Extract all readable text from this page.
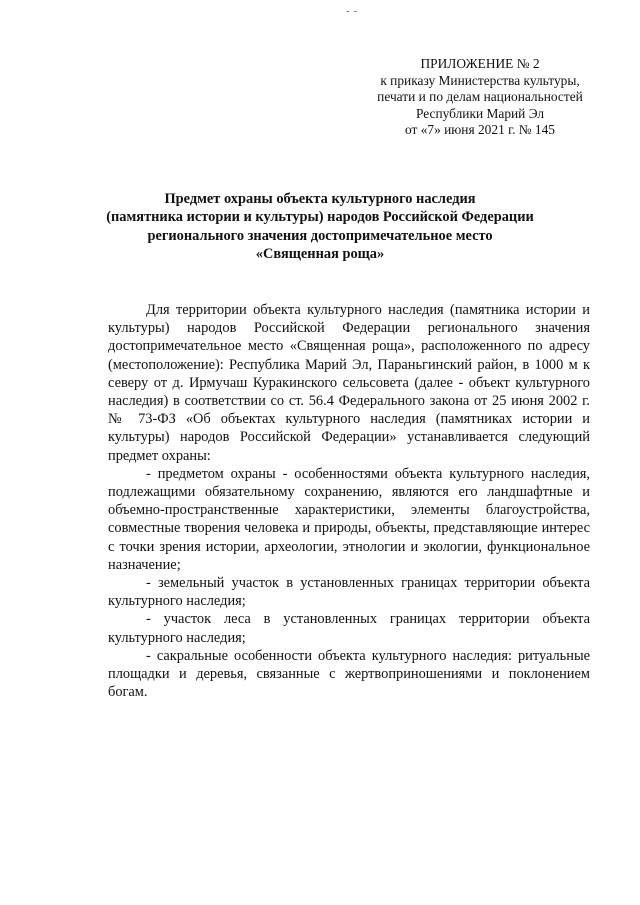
- -
ПРИЛОЖЕНИЕ № 2
к приказу Министерства культуры,
печати и по делам национальностей
Республики Марий Эл
от «7» июня 2021 г. № 145
Предмет охраны объекта культурного наследия
(памятника истории и культуры) народов Российской Федерации
регионального значения достопримечательное место
«Священная роща»

Для территории объекта культурного наследия (памятника истории и культуры) народов Российской Федерации регионального значения достопримечательное место «Священная роща», расположенного по адресу (местоположение): Республика Марий Эл, Параньгинский район, в 1000 м к северу от д. Ирмучаш Куракинского сельсовета (далее - объект культурного наследия) в соответствии со ст. 56.4 Федерального закона от 25 июня 2002 г. № 73-ФЗ «Об объектах культурного наследия (памятниках истории и культуры) народов Российской Федерации» устанавливается следующий предмет охраны:

- предметом охраны - особенностями объекта культурного наследия, подлежащими обязательному сохранению, являются его ландшафтные и объемно-пространственные характеристики, элементы благоустройства, совместные творения человека и природы, объекты, представляющие интерес с точки зрения истории, археологии, этнологии и экологии, функциональное назначение;

- земельный участок в установленных границах территории объекта культурного наследия;

- участок леса в установленных границах территории объекта культурного наследия;

- сакральные особенности объекта культурного наследия: ритуальные площадки и деревья, связанные с жертвоприношениями и поклонением богам.
